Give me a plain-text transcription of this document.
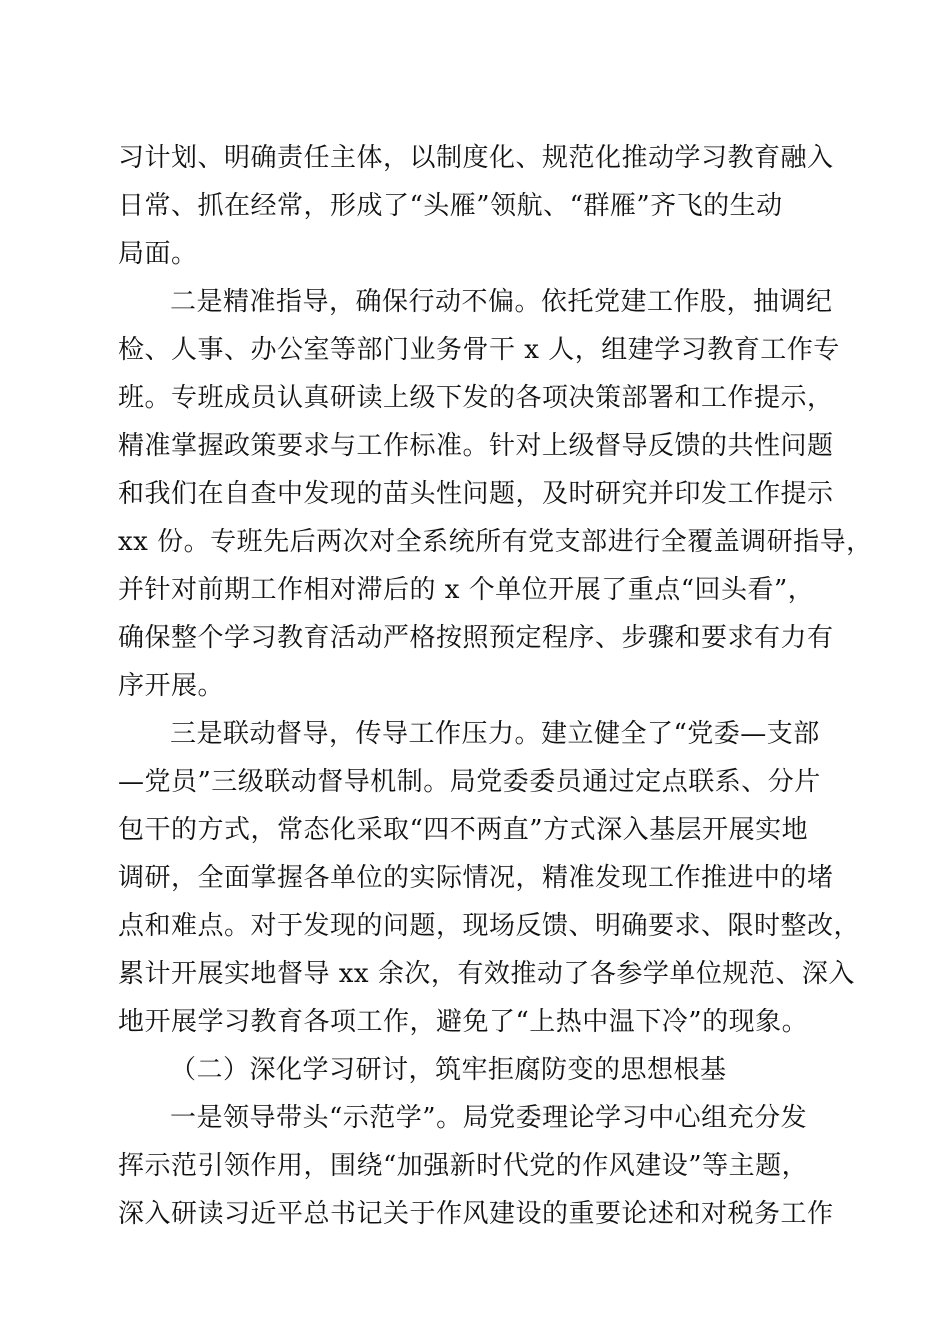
习计划、明确责任主体，以制度化、规范化推动学习教育融入
日常、抓在经常，形成了“头雁”领航、“群雁”齐飞的生动
局面。
二是精准指导，确保行动不偏。依托党建工作股，抽调纪
检、人事、办公室等部门业务骨干 x 人，组建学习教育工作专
班。专班成员认真研读上级下发的各项决策部署和工作提示，
精准掌握政策要求与工作标准。针对上级督导反馈的共性问题
和我们在自查中发现的苗头性问题，及时研究并印发工作提示
xx 份。专班先后两次对全系统所有党支部进行全覆盖调研指导，
并针对前期工作相对滞后的 x 个单位开展了重点“回头看”，
确保整个学习教育活动严格按照预定程序、步骤和要求有力有
序开展。
三是联动督导，传导工作压力。建立健全了“党委—支部
—党员”三级联动督导机制。局党委委员通过定点联系、分片
包干的方式，常态化采取“四不两直”方式深入基层开展实地
调研，全面掌握各单位的实际情况，精准发现工作推进中的堵
点和难点。对于发现的问题，现场反馈、明确要求、限时整改，
累计开展实地督导 xx 余次，有效推动了各参学单位规范、深入
地开展学习教育各项工作，避免了“上热中温下冷”的现象。
（二）深化学习研讨，筑牢拒腐防变的思想根基
一是领导带头“示范学”。局党委理论学习中心组充分发
挥示范引领作用，围绕“加强新时代党的作风建设”等主题，
深入研读习近平总书记关于作风建设的重要论述和对税务工作
